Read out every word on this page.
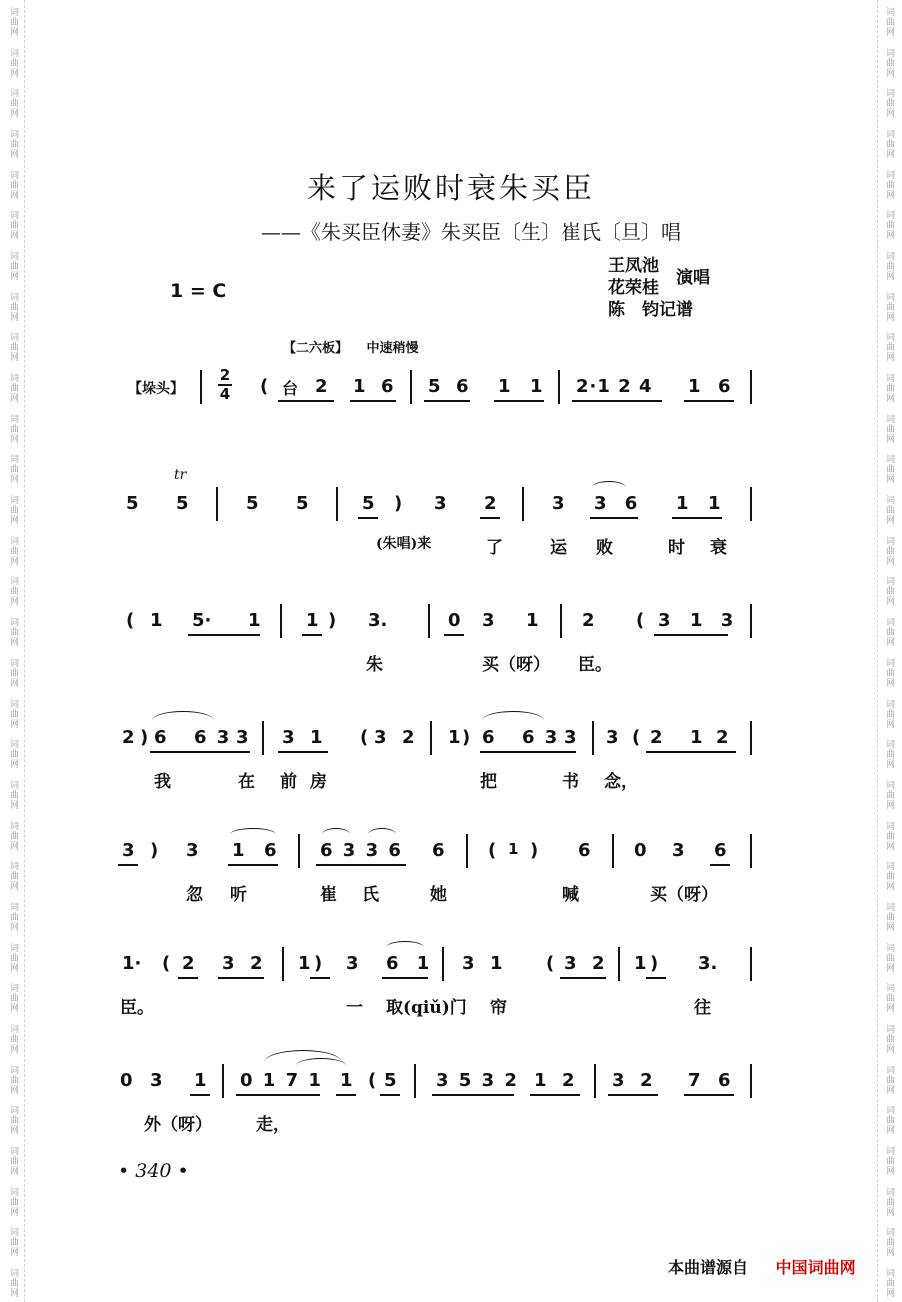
词曲网
词曲网
词曲网
词曲网
词曲网
词曲网
词曲网
词曲网
词曲网
词曲网
词曲网
词曲网
词曲网
词曲网
词曲网
词曲网
词曲网
词曲网
词曲网
词曲网
词曲网
词曲网
词曲网
词曲网
词曲网
词曲网
词曲网
词曲网
词曲网
词曲网
词曲网
词曲网
词曲网
词曲网
词曲网
词曲网
词曲网
词曲网
词曲网
词曲网
词曲网
词曲网
词曲网
词曲网
词曲网
词曲网
词曲网
词曲网
词曲网
词曲网
词曲网
词曲网
词曲网
词曲网
词曲网
词曲网
词曲网
词曲网
词曲网
词曲网
词曲网
词曲网
词曲网
词曲网
来了运败时衰朱买臣
——《朱买臣休妻》朱买臣〔生〕崔氏〔旦〕唱
1 = C
王凤池
花荣桂
陈　钧记谱
演唱
【二六板】 中速稍慢
【垛头】
2
4 ( 台 2 1 6 5 6 1 1 2·1 2 4 1 6
tr
5 5	5 5	5 ) 3 2	3 3 6 1 1
(朱唱)来	了	运 败	时 衰
( 1 5· 1	1 ) 3.	0 3 1 2 ( 3 1 3
朱	买（呀） 臣。
2 ) 6 6 3 3 3 1 ( 3 2 1 ) 6 6 3 3 3 ( 2 1 2
我	在 前 房	把	书 念，
3 ) 3 1 6 6 3 3 6 6 ( 1 ) 6 0 3 6
忽 听	崔 氏	她	喊	买（呀）
1· ( 2 3 2 1 ) 3 6 1 3 1 ( 3 2 1 ) 3.
臣。	一 取(qiǔ)门 帘	往
0 3 1 0 1 7 1 1 ( 5 3 5 3 2 1 2 3 2 7 6
外（呀）	走，
• 340 •
本曲谱源自 中国词曲网
